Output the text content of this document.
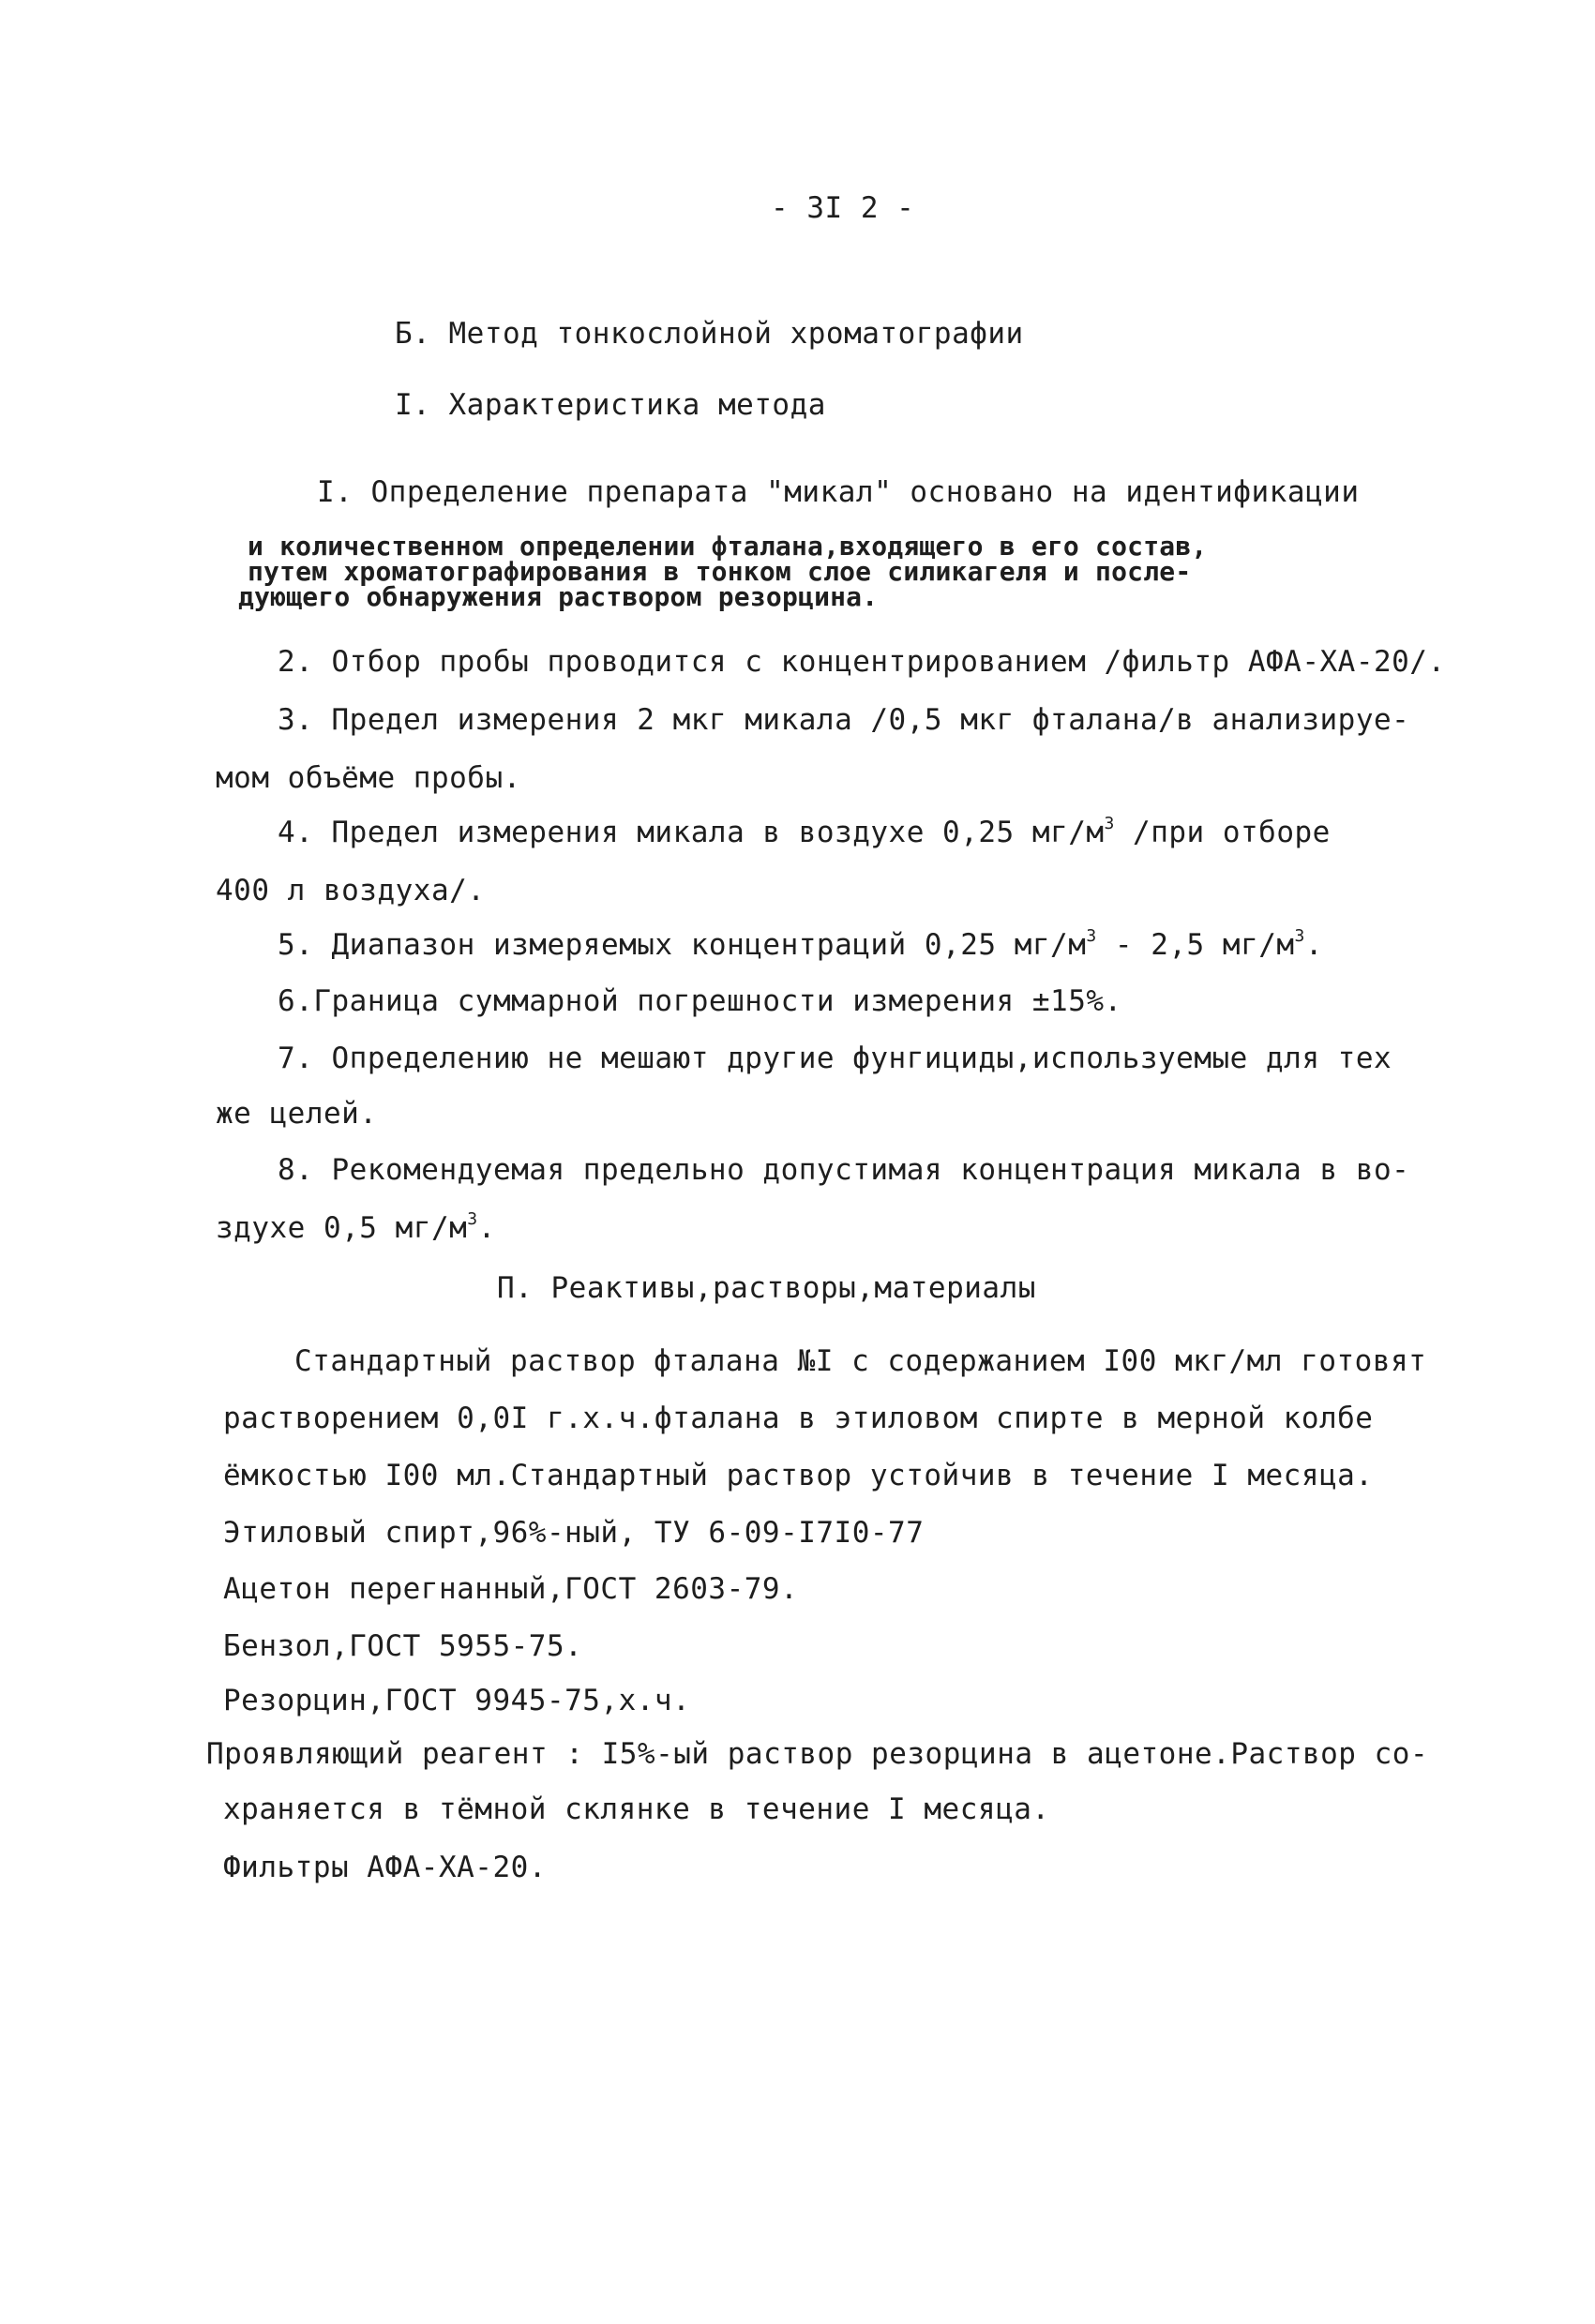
- 3I 2 -
Б. Метод тонкослойной хроматографии
I. Характеристика метода
I. Определение препарата "микал" основано на идентификации
и количественном определении фталана,входящего в его состав,
путем хроматографирования в тонком слое силикагеля и после-
дующего обнаружения раствором резорцина.
2. Отбор пробы проводится с концентрированием /фильтр АФА-ХА-20/.
3. Предел измерения 2 мкг микала /0,5 мкг фталана/в анализируе-
мом объёме пробы.
4. Предел измерения микала в воздухе 0,25 $мг/м^3$ /при отборе
400 л воздуха/.
5. Диапазон измеряемых концентраций 0,25 $мг/м^3 - 2,5$ $мг/м^3$.
6.Граница суммарной погрешности измерения ±15%.
7. Определению не мешают другие фунгициды,используемые для тех
же целей.
8. Рекомендуемая предельно допустимая концентрация микала в во-
здухе 0,5 $мг/м^3$.
П. Реактивы,растворы,материалы
Стандартный раствор фталана №I с содержанием I00 мкг/мл готовят
растворением 0,0I г.х.ч.фталана в этиловом спирте в мерной колбе
ёмкостью I00 мл.Стандартный раствор устойчив в течение I месяца.
Этиловый спирт,96%-ный, ТУ 6-09-I7I0-77
Ацетон перегнанный,ГОСТ 2603-79.
Бензол,ГОСТ 5955-75.
Резорцин,ГОСТ 9945-75,х.ч.
Проявляющий реагент : I5%-ый раствор резорцина в ацетоне.Раствор со-
храняется в тёмной склянке в течение I месяца.
Фильтры АФА-ХА-20.
